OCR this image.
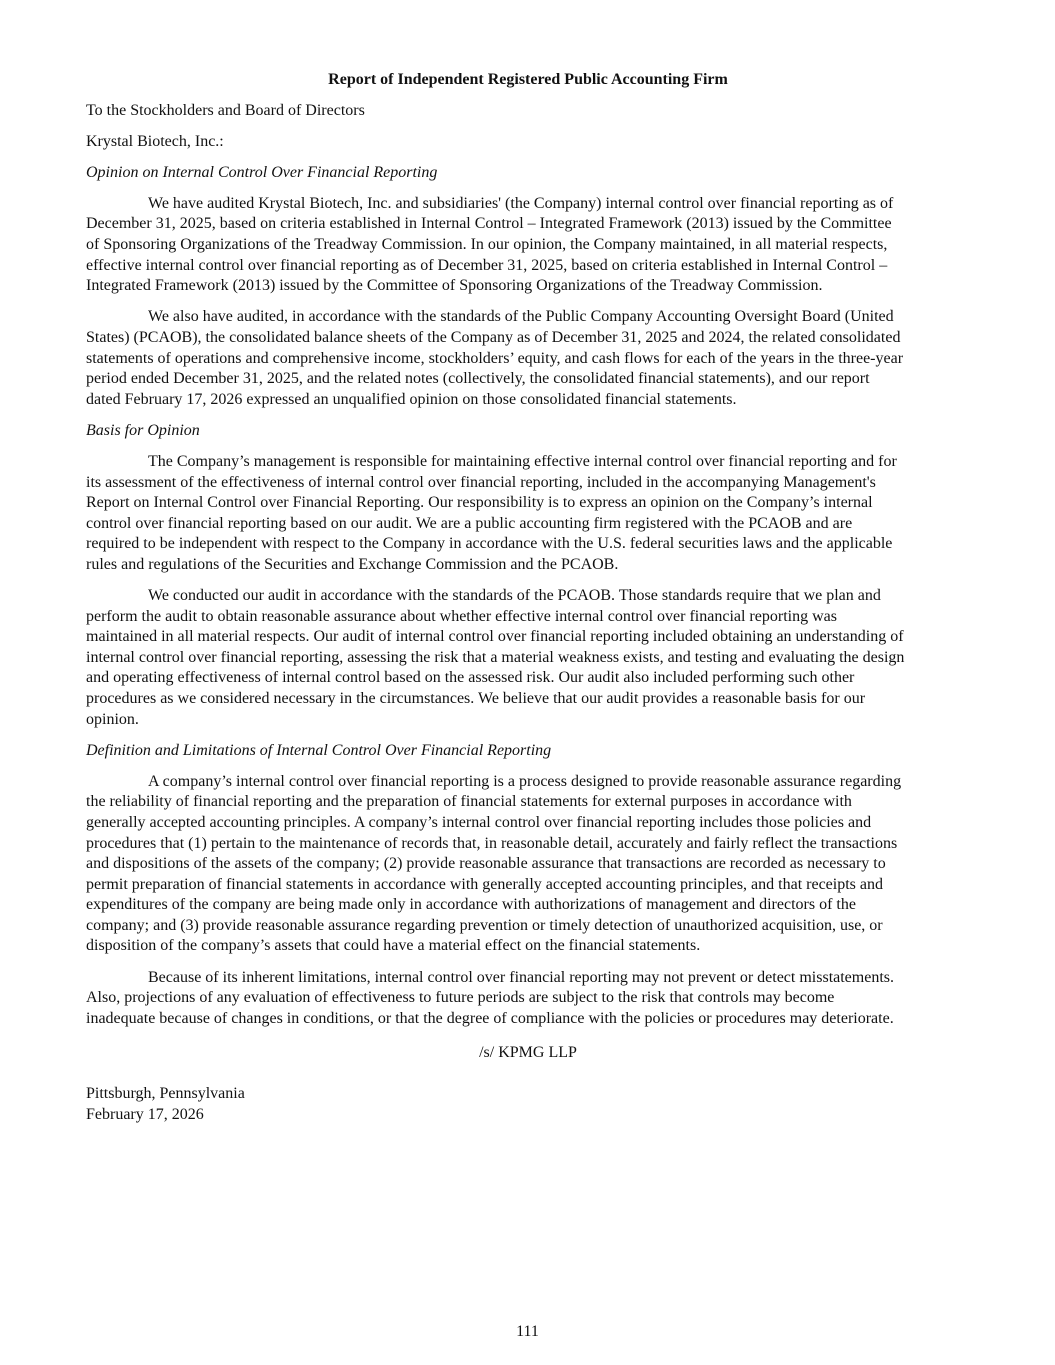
Report of Independent Registered Public Accounting Firm
To the Stockholders and Board of Directors
Krystal Biotech, Inc.:
Opinion on Internal Control Over Financial Reporting
We have audited Krystal Biotech, Inc. and subsidiaries' (the Company) internal control over financial reporting as of
December 31, 2025, based on criteria established in Internal Control – Integrated Framework (2013) issued by the Committee
of Sponsoring Organizations of the Treadway Commission. In our opinion, the Company maintained, in all material respects,
effective internal control over financial reporting as of December 31, 2025, based on criteria established in Internal Control –
Integrated Framework (2013) issued by the Committee of Sponsoring Organizations of the Treadway Commission.
We also have audited, in accordance with the standards of the Public Company Accounting Oversight Board (United
States) (PCAOB), the consolidated balance sheets of the Company as of December 31, 2025 and 2024, the related consolidated
statements of operations and comprehensive income, stockholders’ equity, and cash flows for each of the years in the three-year
period ended December 31, 2025, and the related notes (collectively, the consolidated financial statements), and our report
dated February 17, 2026 expressed an unqualified opinion on those consolidated financial statements.
Basis for Opinion
The Company’s management is responsible for maintaining effective internal control over financial reporting and for
its assessment of the effectiveness of internal control over financial reporting, included in the accompanying Management's
Report on Internal Control over Financial Reporting. Our responsibility is to express an opinion on the Company’s internal
control over financial reporting based on our audit. We are a public accounting firm registered with the PCAOB and are
required to be independent with respect to the Company in accordance with the U.S. federal securities laws and the applicable
rules and regulations of the Securities and Exchange Commission and the PCAOB.
We conducted our audit in accordance with the standards of the PCAOB. Those standards require that we plan and
perform the audit to obtain reasonable assurance about whether effective internal control over financial reporting was
maintained in all material respects. Our audit of internal control over financial reporting included obtaining an understanding of
internal control over financial reporting, assessing the risk that a material weakness exists, and testing and evaluating the design
and operating effectiveness of internal control based on the assessed risk. Our audit also included performing such other
procedures as we considered necessary in the circumstances. We believe that our audit provides a reasonable basis for our
opinion.
Definition and Limitations of Internal Control Over Financial Reporting
A company’s internal control over financial reporting is a process designed to provide reasonable assurance regarding
the reliability of financial reporting and the preparation of financial statements for external purposes in accordance with
generally accepted accounting principles. A company’s internal control over financial reporting includes those policies and
procedures that (1) pertain to the maintenance of records that, in reasonable detail, accurately and fairly reflect the transactions
and dispositions of the assets of the company; (2) provide reasonable assurance that transactions are recorded as necessary to
permit preparation of financial statements in accordance with generally accepted accounting principles, and that receipts and
expenditures of the company are being made only in accordance with authorizations of management and directors of the
company; and (3) provide reasonable assurance regarding prevention or timely detection of unauthorized acquisition, use, or
disposition of the company’s assets that could have a material effect on the financial statements.
Because of its inherent limitations, internal control over financial reporting may not prevent or detect misstatements.
Also, projections of any evaluation of effectiveness to future periods are subject to the risk that controls may become
inadequate because of changes in conditions, or that the degree of compliance with the policies or procedures may deteriorate.
/s/ KPMG LLP
Pittsburgh, Pennsylvania
February 17, 2026
111
